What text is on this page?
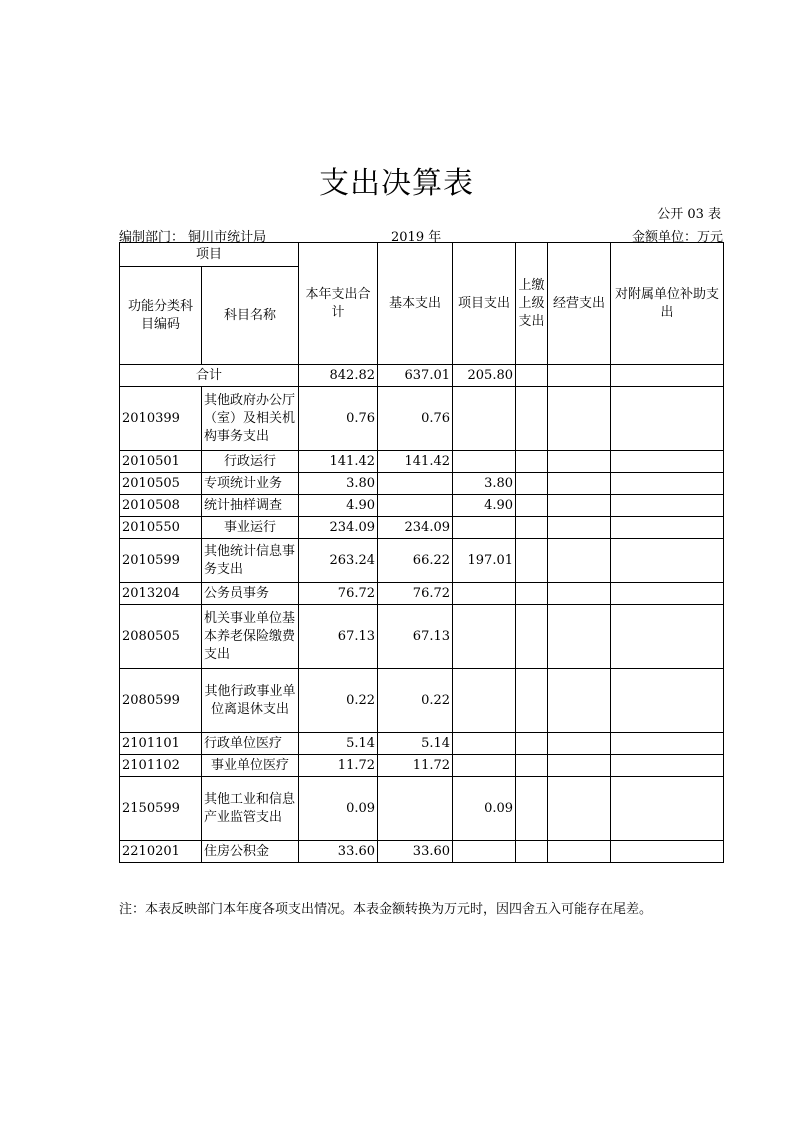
支出决算表
公开 03 表
编制部门： 铜川市统计局	2019 年	金额单位：万元
项目		本年支出合计	基本支出	项目支出	上缴上级支出	经营支出	对附属单位补助支出
功能分类科目编码	科目名称						
合计		842.82	637.01	205.80			
2010399	其他政府办公厅（室）及相关机构事务支出	0.76	0.76				
2010501	行政运行	141.42	141.42				
2010505	专项统计业务	3.80		3.80			
2010508	统计抽样调查	4.90		4.90			
2010550	事业运行	234.09	234.09				
2010599	其他统计信息事务支出	263.24	66.22	197.01			
2013204	公务员事务	76.72	76.72				
2080505	机关事业单位基本养老保险缴费支出	67.13	67.13				
2080599	其他行政事业单位离退休支出	0.22	0.22				
2101101	行政单位医疗	5.14	5.14				
2101102	事业单位医疗	11.72	11.72				
2150599	其他工业和信息产业监管支出	0.09		0.09			
2210201	住房公积金	33.60	33.60				
注：本表反映部门本年度各项支出情况。本表金额转换为万元时，因四舍五入可能存在尾差。
